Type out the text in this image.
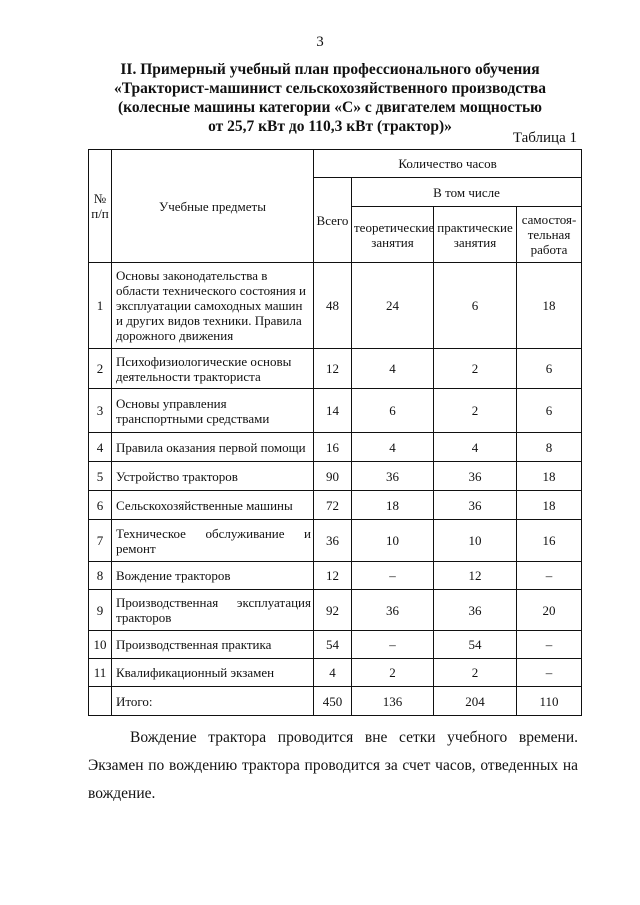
3
II. Примерный учебный план профессионального обучения
«Тракторист-машинист сельскохозяйственного производства
(колесные машины категории «С» с двигателем мощностью
от 25,7 кВт до 110,3 кВт (трактор)»
Таблица 1
№ п/п	Учебные предметы	Количество часов			
		Всего	В том числе		
			теоретические занятия	практические занятия	самостоя-тельная работа
1	Основы законодательства в области технического состояния и эксплуатации самоходных машин и других видов техники. Правила дорожного движения	48	24	6	18
2	Психофизиологические основы деятельности тракториста	12	4	2	6
3	Основы управления транспортными средствами	14	6	2	6
4	Правила оказания первой помощи	16	4	4	8
5	Устройство тракторов	90	36	36	18
6	Сельскохозяйственные машины	72	18	36	18
7	Техническое обслуживание и ремонт	36	10	10	16
8	Вождение тракторов	12	–	12	–
9	Производственная эксплуатация тракторов	92	36	36	20
10	Производственная практика	54	–	54	–
11	Квалификационный экзамен	4	2	2	–
	Итого:	450	136	204	110
Вождение трактора проводится вне сетки учебного времени. Экзамен по вождению трактора проводится за счет часов, отведенных на вождение.
